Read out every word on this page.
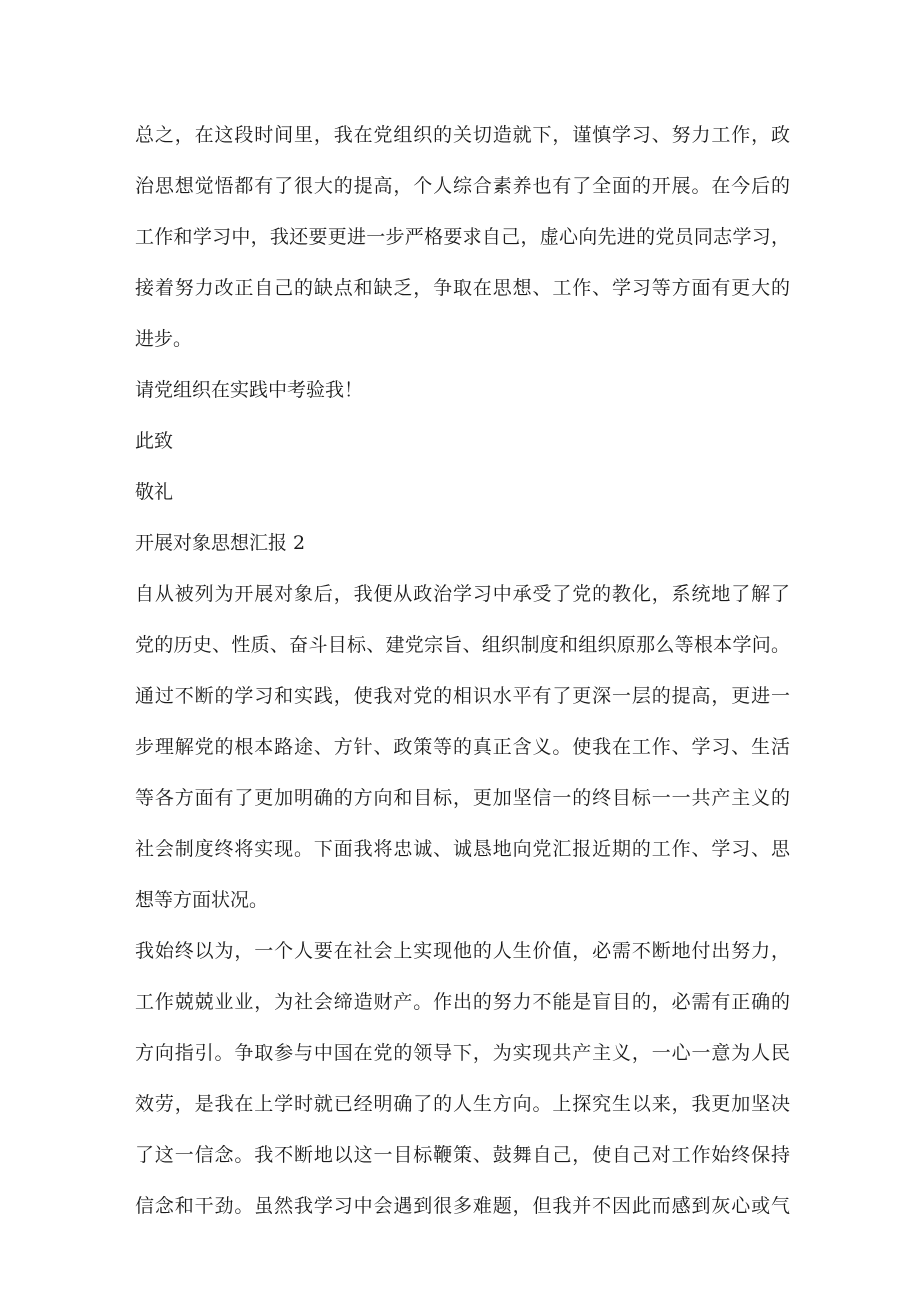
总之，在这段时间里，我在党组织的关切造就下，谨慎学习、努力工作，政
治思想觉悟都有了很大的提高，个人综合素养也有了全面的开展。在今后的
工作和学习中，我还要更进一步严格要求自己，虚心向先进的党员同志学习，
接着努力改正自己的缺点和缺乏，争取在思想、工作、学习等方面有更大的
进步。

请党组织在实践中考验我！

此致

敬礼

开展对象思想汇报 2

自从被列为开展对象后，我便从政治学习中承受了党的教化，系统地了解了
党的历史、性质、奋斗目标、建党宗旨、组织制度和组织原那么等根本学问。
通过不断的学习和实践，使我对党的相识水平有了更深一层的提高，更进一
步理解党的根本路途、方针、政策等的真正含义。使我在工作、学习、生活
等各方面有了更加明确的方向和目标，更加坚信一的终目标一一共产主义的
社会制度终将实现。下面我将忠诚、诚恳地向党汇报近期的工作、学习、思
想等方面状况。

我始终以为，一个人要在社会上实现他的人生价值，必需不断地付出努力，
工作兢兢业业，为社会缔造财产。作出的努力不能是盲目的，必需有正确的
方向指引。争取参与中国在党的领导下，为实现共产主义，一心一意为人民
效劳，是我在上学时就已经明确了的人生方向。上探究生以来，我更加坚决
了这一信念。我不断地以这一目标鞭策、鼓舞自己，使自己对工作始终保持
信念和干劲。虽然我学习中会遇到很多难题，但我并不因此而感到灰心或气
